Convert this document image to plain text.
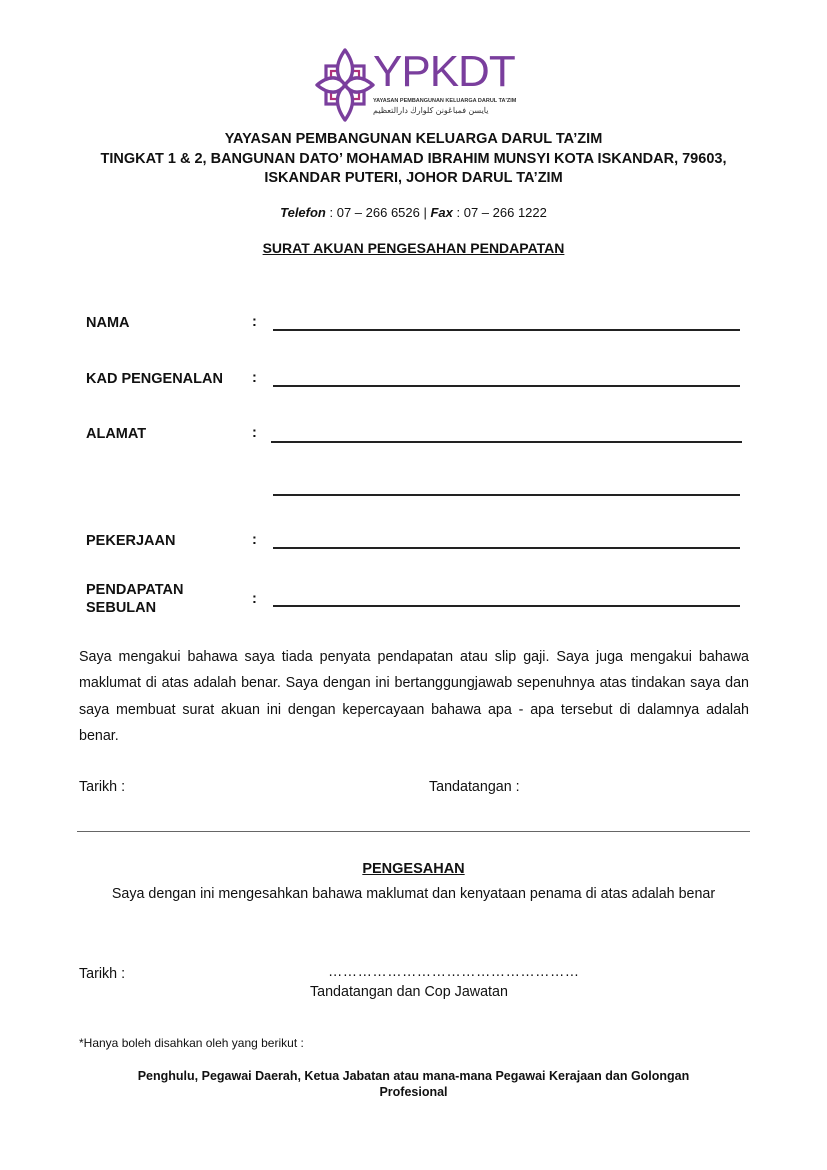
YPKDT
YAYASAN PEMBANGUNAN KELUARGA DARUL TA'ZIM
يايسن فمباڠونن كلوارڬ دارالتعظيم
YAYASAN PEMBANGUNAN KELUARGA DARUL TA’ZIM
TINGKAT 1 & 2, BANGUNAN DATO’ MOHAMAD IBRAHIM MUNSYI KOTA ISKANDAR, 79603,
ISKANDAR PUTERI, JOHOR DARUL TA’ZIM
Telefon : 07 – 266 6526 | Fax : 07 – 266 1222
SURAT AKUAN PENGESAHAN PENDAPATAN
NAMA	:
KAD PENGENALAN :
ALAMAT	:
PEKERJAAN	:
PENDAPATAN
SEBULAN
:
Saya mengakui bahawa saya tiada penyata pendapatan atau slip gaji. Saya juga mengakui bahawa maklumat di atas adalah benar. Saya dengan ini bertanggungjawab sepenuhnya atas tindakan saya dan saya membuat surat akuan ini dengan kepercayaan bahawa apa - apa tersebut di dalamnya adalah benar.
Tarikh :	Tandatangan :
PENGESAHAN
Saya dengan ini mengesahkan bahawa maklumat dan kenyataan penama di atas adalah benar
Tarikh :	……………………………………………
Tandatangan dan Cop Jawatan
*Hanya boleh disahkan oleh yang berikut :
Penghulu, Pegawai Daerah, Ketua Jabatan atau mana-mana Pegawai Kerajaan dan Golongan
Profesional
